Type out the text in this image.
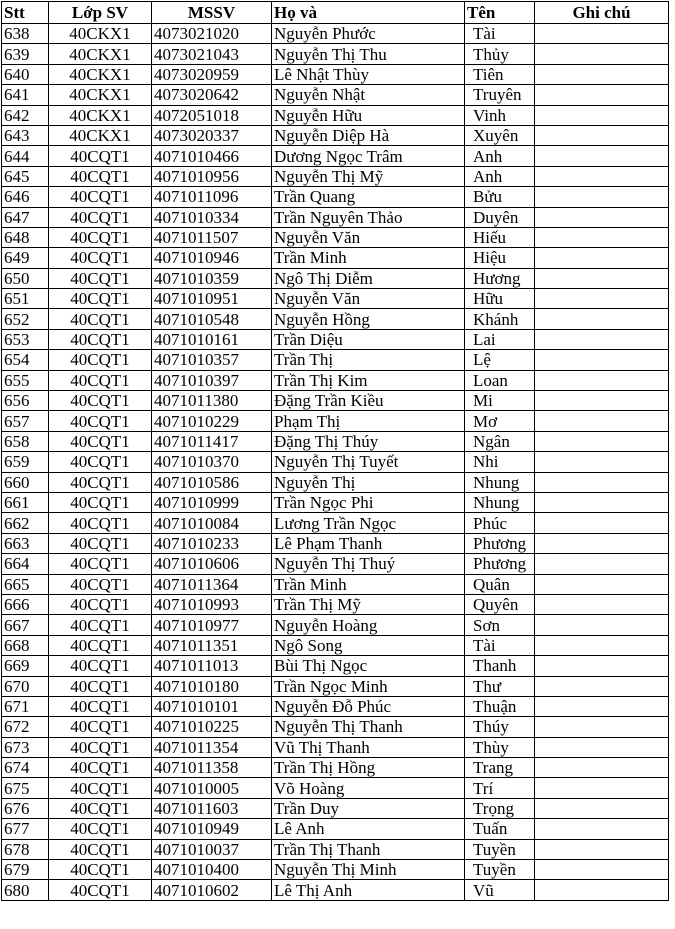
Stt	Lớp SV	MSSV	Họ và	Tên	Ghi chú
638	40CKX1	4073021020	Nguyễn Phước	Tài	
639	40CKX1	4073021043	Nguyễn Thị Thu	Thủy	
640	40CKX1	4073020959	Lê Nhật Thùy	Tiên	
641	40CKX1	4073020642	Nguyễn Nhật	Truyên	
642	40CKX1	4072051018	Nguyễn Hữu	Vinh	
643	40CKX1	4073020337	Nguyễn Diệp Hà	Xuyên	
644	40CQT1	4071010466	Dương Ngọc Trâm	Anh	
645	40CQT1	4071010956	Nguyễn Thị Mỹ	Anh	
646	40CQT1	4071011096	Trần Quang	Bửu	
647	40CQT1	4071010334	Trần Nguyên Thảo	Duyên	
648	40CQT1	4071011507	Nguyễn Văn	Hiếu	
649	40CQT1	4071010946	Trần Minh	Hiệu	
650	40CQT1	4071010359	Ngô Thị Diễm	Hương	
651	40CQT1	4071010951	Nguyễn Văn	Hữu	
652	40CQT1	4071010548	Nguyễn Hồng	Khánh	
653	40CQT1	4071010161	Trần Diệu	Lai	
654	40CQT1	4071010357	Trần Thị	Lệ	
655	40CQT1	4071010397	Trần Thị Kim	Loan	
656	40CQT1	4071011380	Đặng Trần Kiều	Mi	
657	40CQT1	4071010229	Phạm Thị	Mơ	
658	40CQT1	4071011417	Đặng Thị Thúy	Ngân	
659	40CQT1	4071010370	Nguyễn Thị Tuyết	Nhi	
660	40CQT1	4071010586	Nguyễn Thị	Nhung	
661	40CQT1	4071010999	Trần Ngọc Phi	Nhung	
662	40CQT1	4071010084	Lương Trần Ngọc	Phúc	
663	40CQT1	4071010233	Lê Phạm Thanh	Phương	
664	40CQT1	4071010606	Nguyễn Thị Thuý	Phương	
665	40CQT1	4071011364	Trần Minh	Quân	
666	40CQT1	4071010993	Trần Thị Mỹ	Quyên	
667	40CQT1	4071010977	Nguyễn Hoàng	Sơn	
668	40CQT1	4071011351	Ngô Song	Tài	
669	40CQT1	4071011013	Bùi Thị Ngọc	Thanh	
670	40CQT1	4071010180	Trần Ngọc Minh	Thư	
671	40CQT1	4071010101	Nguyễn Đỗ Phúc	Thuận	
672	40CQT1	4071010225	Nguyễn Thị Thanh	Thúy	
673	40CQT1	4071011354	Vũ Thị Thanh	Thùy	
674	40CQT1	4071011358	Trần Thị Hồng	Trang	
675	40CQT1	4071010005	Võ Hoàng	Trí	
676	40CQT1	4071011603	Trần Duy	Trọng	
677	40CQT1	4071010949	Lê Anh	Tuấn	
678	40CQT1	4071010037	Trần Thị Thanh	Tuyền	
679	40CQT1	4071010400	Nguyễn Thị Minh	Tuyền	
680	40CQT1	4071010602	Lê Thị Anh	Vũ	
